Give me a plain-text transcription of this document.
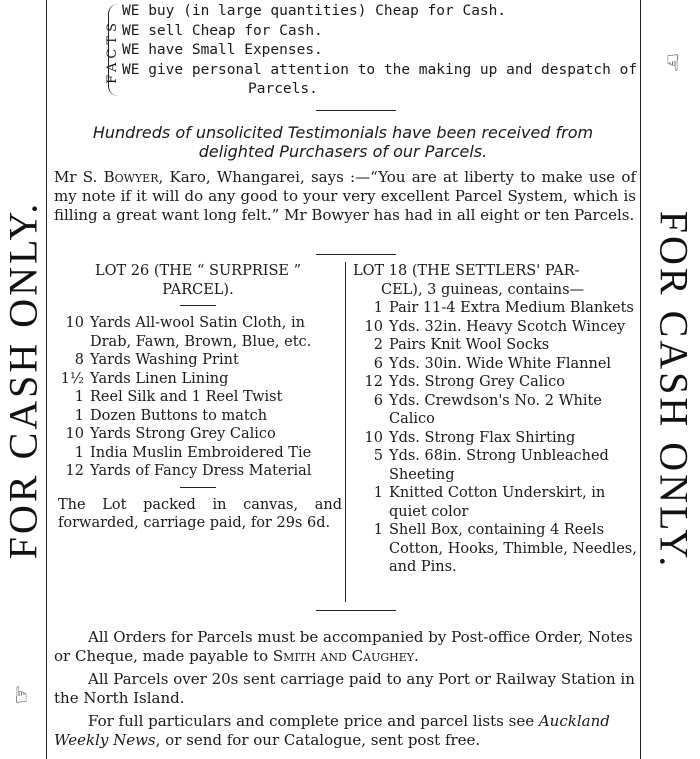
FOR CASH ONLY.
☞
FOR CASH ONLY.
☞
FACTS
WE buy (in large quantities) Cheap for Cash.
WE sell Cheap for Cash.
WE have Small Expenses.
WE give personal attention to the making up and despatch of
Parcels.
Hundreds of unsolicited Testimonials have been received from
delighted Purchasers of our Parcels.
Mr S. Bowyer, Karo, Whangarei, says :—“You are at liberty to make use of my note if it will do any good to your very excellent Parcel System, which is filling a great want long felt.” Mr Bowyer has had in all eight or ten Parcels.
LOT 26 (THE “ SURPRISE ”
PARCEL).
10 Yards All-wool Satin Cloth, in Drab, Fawn, Brown, Blue, etc.
8 Yards Washing Print
1½ Yards Linen Lining
1 Reel Silk and 1 Reel Twist
1 Dozen Buttons to match
10 Yards Strong Grey Calico
1 India Muslin Embroidered Tie
12 Yards of Fancy Dress Material
The Lot packed in canvas, and forwarded, carriage paid, for 29s 6d.
LOT 18 (THE SETTLERS' PAR-
CEL), 3 guineas, contains—
1 Pair 11-4 Extra Medium Blankets
10 Yds. 32in. Heavy Scotch Wincey
2 Pairs Knit Wool Socks
6 Yds. 30in. Wide White Flannel
12 Yds. Strong Grey Calico
6 Yds. Crewdson's No. 2 White Calico
10 Yds. Strong Flax Shirting
5 Yds. 68in. Strong Unbleached Sheeting
1 Knitted Cotton Underskirt, in quiet color
1 Shell Box, containing 4 Reels Cotton, Hooks, Thimble, Needles, and Pins.
All Orders for Parcels must be accompanied by Post-office Order, Notes or Cheque, made payable to Smith and Caughey.
All Parcels over 20s sent carriage paid to any Port or Railway Station in the North Island.
For full particulars and complete price and parcel lists see Auckland Weekly News, or send for our Catalogue, sent post free.
